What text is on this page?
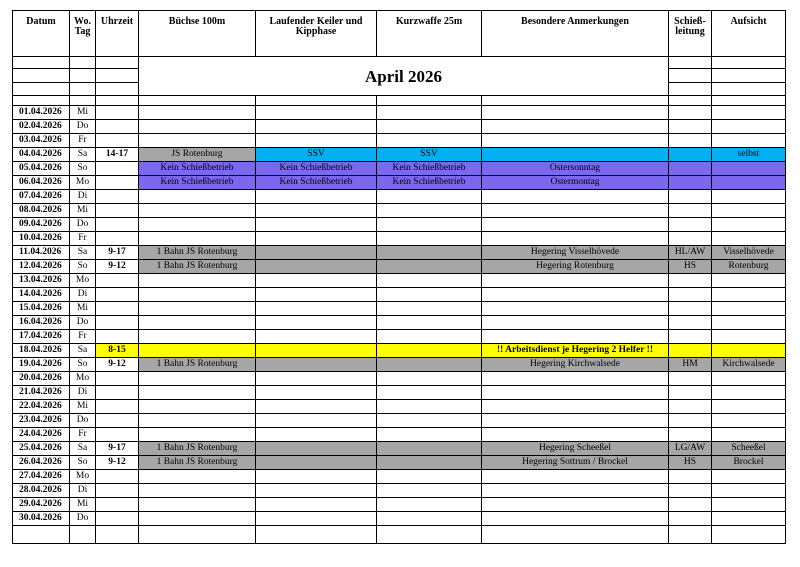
Datum	Wo. Tag	Uhrzeit	Büchse 100m	Laufender Keiler und Kipphase	Kurzwaffe 25m	Besondere Anmerkungen	Schieß- leitung	Aufsicht
			April 2026					

01.04.2026	Mi							
02.04.2026	Do							
03.04.2026	Fr							
04.04.2026	Sa	14-17	JS Rotenburg	SSV	SSV			selbst
05.04.2026	So		Kein Schießbetrieb	Kein Schießbetrieb	Kein Schießbetrieb	Ostersonntag		
06.04.2026	Mo		Kein Schießbetrieb	Kein Schießbetrieb	Kein Schießbetrieb	Ostermontag		
07.04.2026	Di							
08.04.2026	Mi							
09.04.2026	Do							
10.04.2026	Fr							
11.04.2026	Sa	9-17	1 Bahn JS Rotenburg			Hegering Visselhövede	HL/AW	Visselhövede
12.04.2026	So	9-12	1 Bahn JS Rotenburg			Hegering Rotenburg	HS	Rotenburg
13.04.2026	Mo							
14.04.2026	Di							
15.04.2026	Mi							
16.04.2026	Do							
17.04.2026	Fr							
18.04.2026	Sa	8-15				!! Arbeitsdienst je Hegering 2 Helfer !!		
19.04.2026	So	9-12	1 Bahn JS Rotenburg			Hegering Kirchwalsede	HM	Kirchwalsede
20.04.2026	Mo							
21.04.2026	Di							
22.04.2026	Mi							
23.04.2026	Do							
24.04.2026	Fr							
25.04.2026	Sa	9-17	1 Bahn JS Rotenburg			Hegering Scheeßel	LG/AW	Scheeßel
26.04.2026	So	9-12	1 Bahn JS Rotenburg			Hegering Sottrum / Brockel	HS	Brockel
27.04.2026	Mo							
28.04.2026	Di							
29.04.2026	Mi							
30.04.2026	Do							
